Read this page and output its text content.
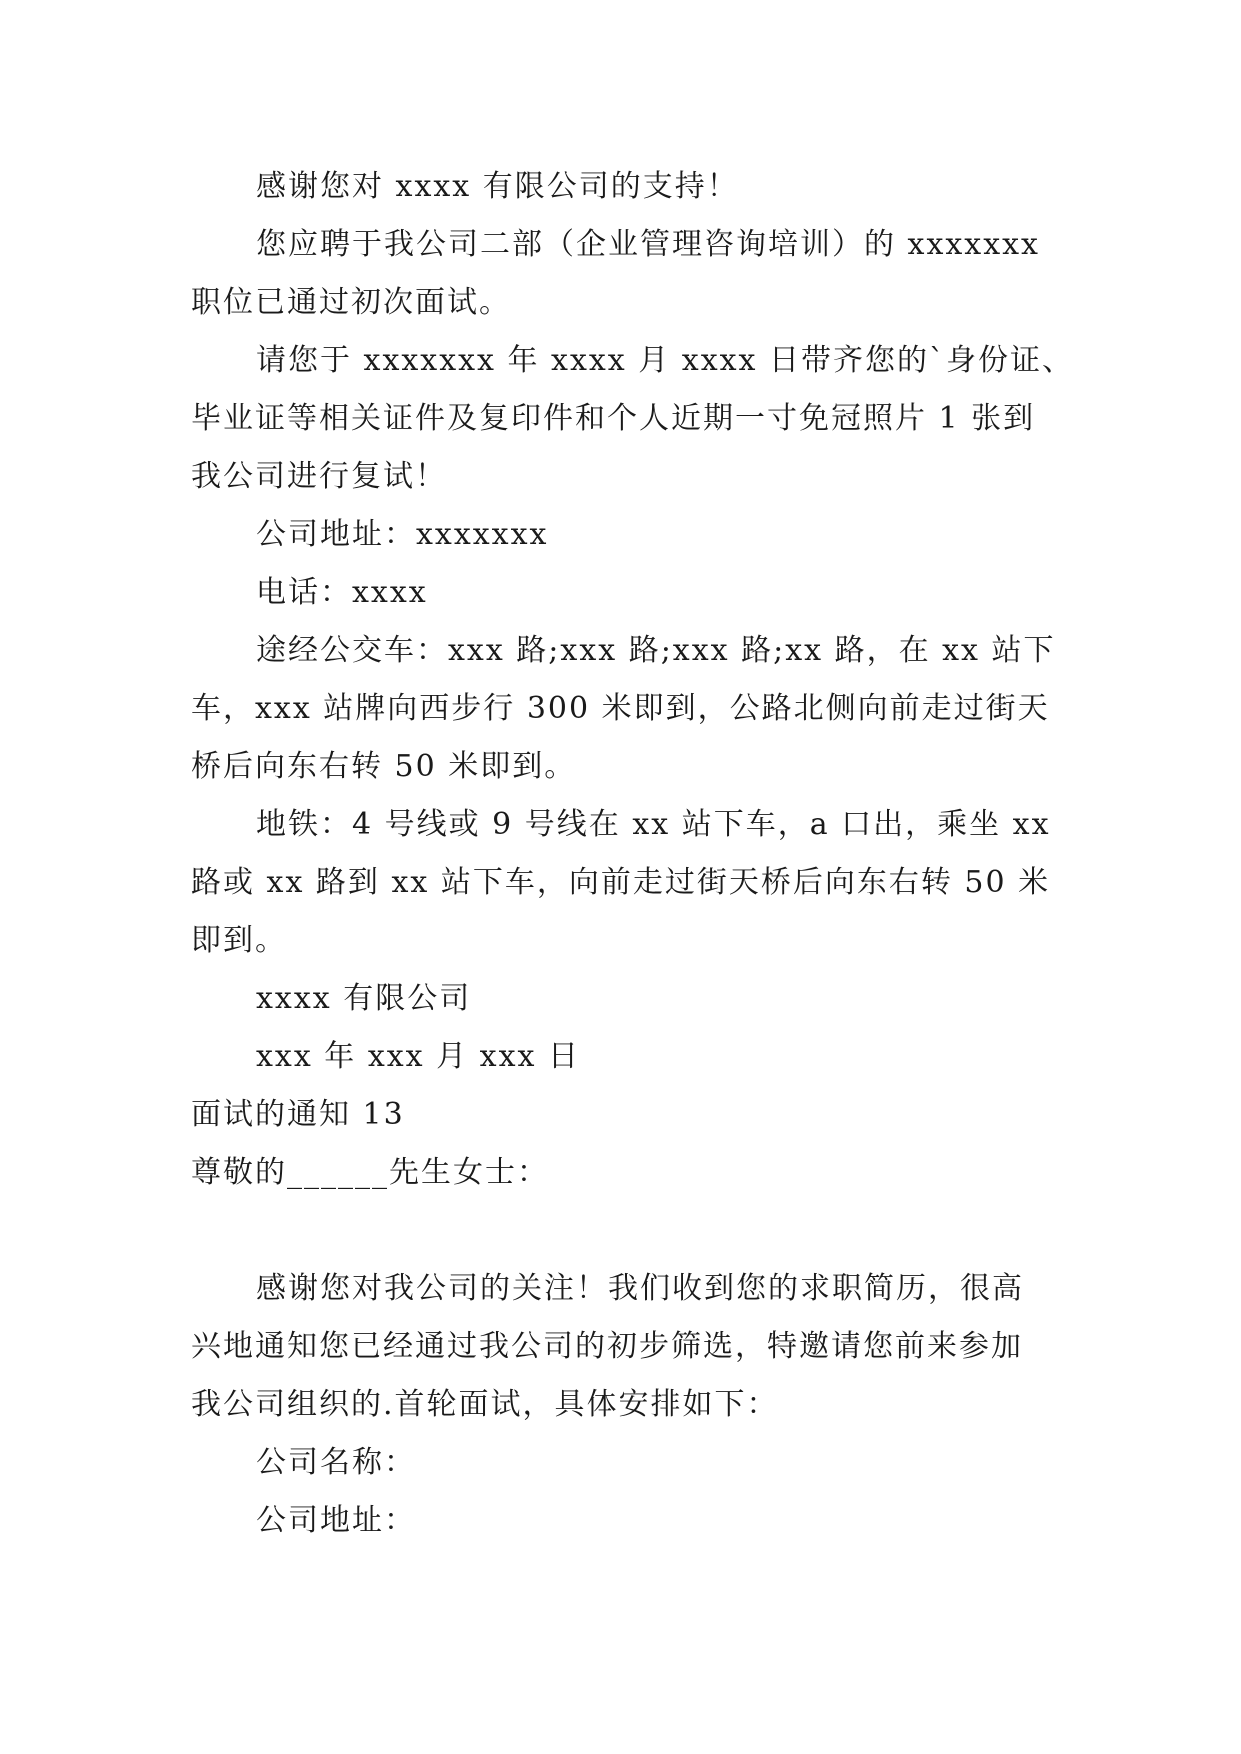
感谢您对 xxxx 有限公司的支持！
您应聘于我公司二部（企业管理咨询培训）的 xxxxxxx
职位已通过初次面试。
请您于 xxxxxxx 年 xxxx 月 xxxx 日带齐您的`身份证、
毕业证等相关证件及复印件和个人近期一寸免冠照片 1 张到
我公司进行复试！
公司地址：xxxxxxx
电话：xxxx
途经公交车：xxx 路;xxx 路;xxx 路;xx 路，在 xx 站下
车，xxx 站牌向西步行 300 米即到，公路北侧向前走过街天
桥后向东右转 50 米即到。
地铁：4 号线或 9 号线在 xx 站下车，a 口出，乘坐 xx
路或 xx 路到 xx 站下车，向前走过街天桥后向东右转 50 米
即到。
xxxx 有限公司
xxx 年 xxx 月 xxx 日
面试的通知 13
尊敬的______先生女士：
感谢您对我公司的关注！我们收到您的求职简历，很高
兴地通知您已经通过我公司的初步筛选，特邀请您前来参加
我公司组织的.首轮面试，具体安排如下：
公司名称：
公司地址：
